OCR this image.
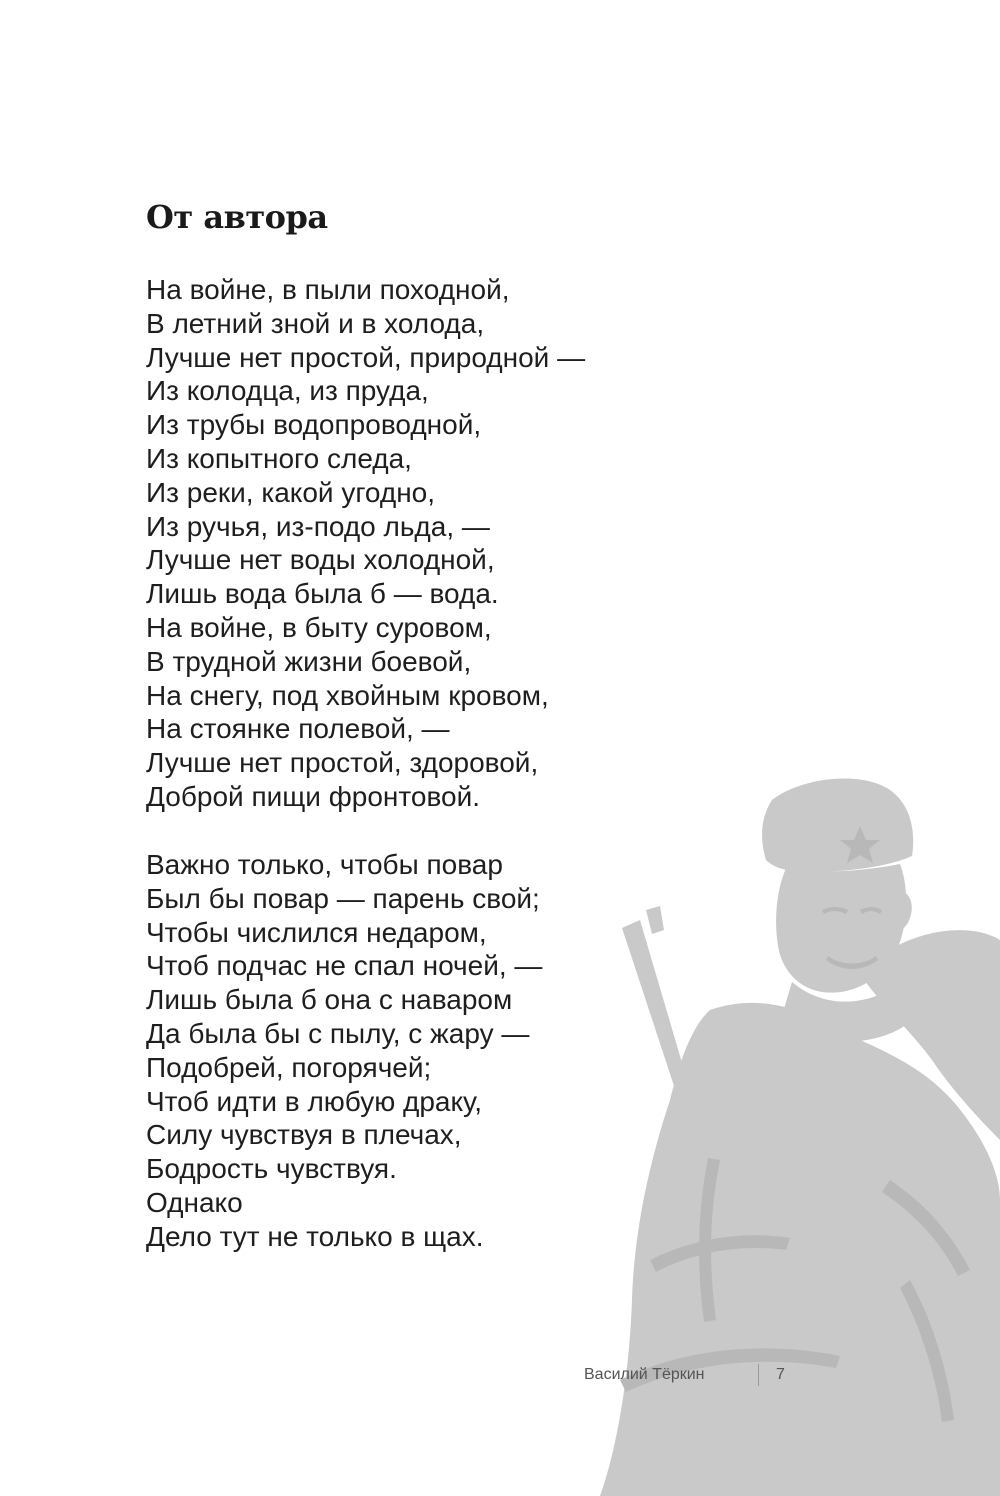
От автора
На войне, в пыли походной,
В летний зной и в холода,
Лучше нет простой, природной —
Из колодца, из пруда,
Из трубы водопроводной,
Из копытного следа,
Из реки, какой угодно,
Из ручья, из-подо льда, —
Лучше нет воды холодной,
Лишь вода была б — вода.
На войне, в быту суровом,
В трудной жизни боевой,
На снегу, под хвойным кровом,
На стоянке полевой, —
Лучше нет простой, здоровой,
Доброй пищи фронтовой.
Важно только, чтобы повар
Был бы повар — парень свой;
Чтобы числился недаром,
Чтоб подчас не спал ночей, —
Лишь была б она с наваром
Да была бы с пылу, с жару —
Подобрей, погорячей;
Чтоб идти в любую драку,
Силу чувствуя в плечах,
Бодрость чувствуя.
Однако
Дело тут не только в щах.
Василий Тёркин	7
